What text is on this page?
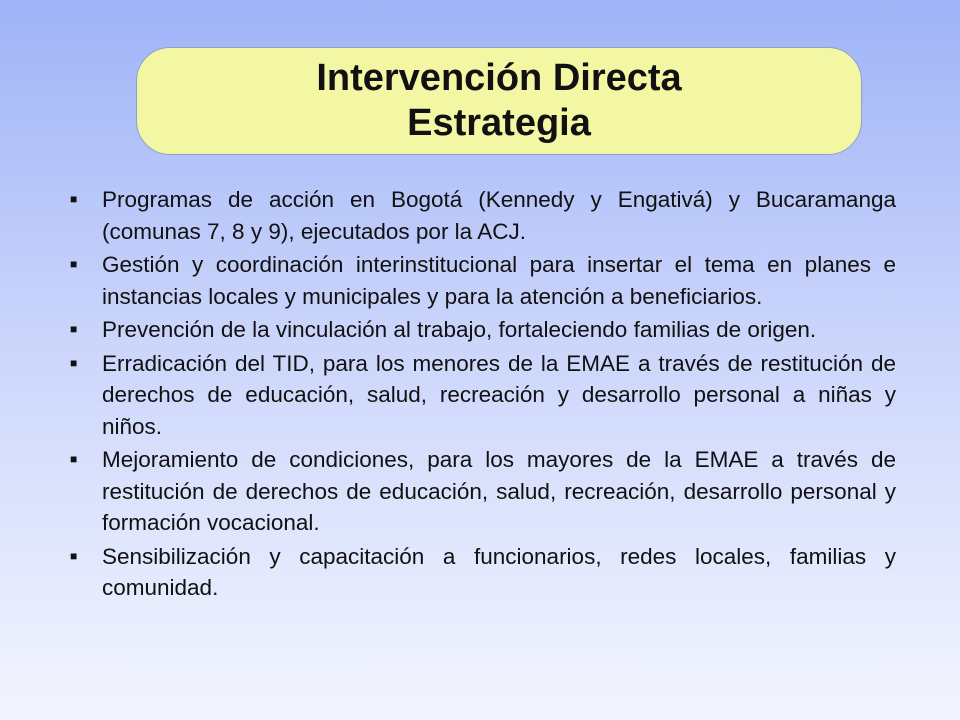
Intervención Directa
Estrategia
■	Programas de acción en Bogotá (Kennedy y Engativá) y Bucaramanga (comunas 7, 8 y 9), ejecutados por la ACJ.
■	Gestión y coordinación interinstitucional para insertar el tema en planes e instancias locales y municipales y para la atención a beneficiarios.
■	Prevención de la vinculación al trabajo, fortaleciendo familias de origen.
■	Erradicación del TID, para los menores de la EMAE a través de restitución de derechos de educación, salud, recreación y desarrollo personal a niñas y niños.
■	Mejoramiento de condiciones, para los mayores de la EMAE a través de restitución de derechos de educación, salud, recreación, desarrollo personal y formación vocacional.
■	Sensibilización y capacitación a funcionarios, redes locales, familias y comunidad.
